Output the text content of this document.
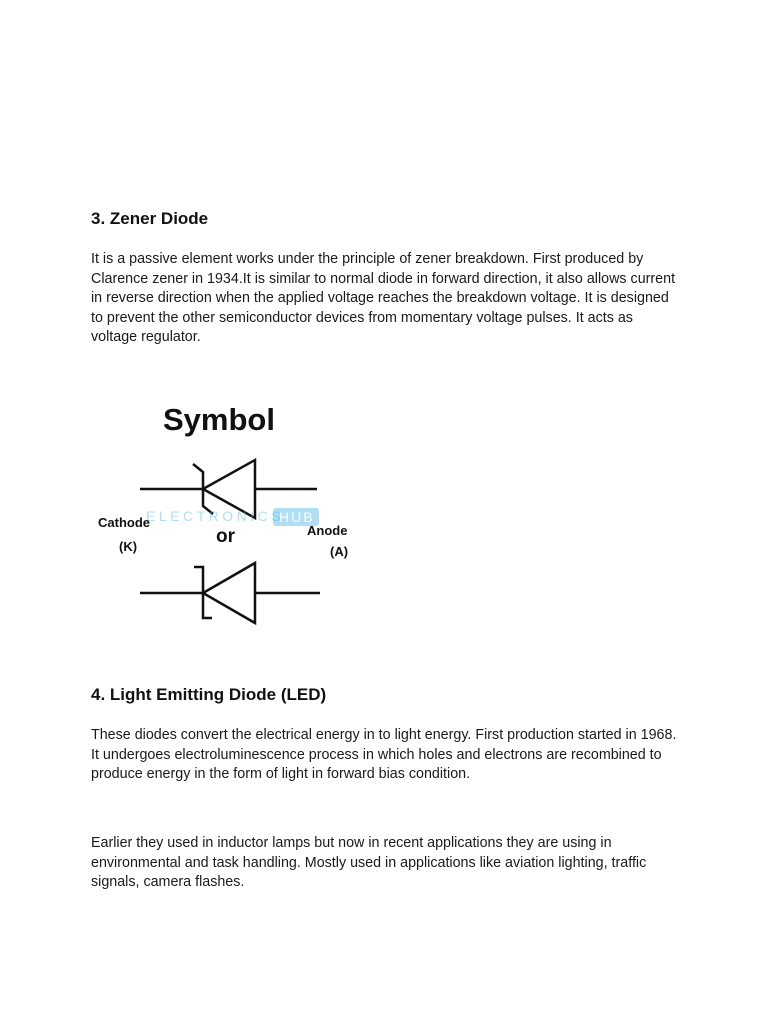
3. Zener Diode

It is a passive element works under the principle of zener breakdown. First produced by Clarence zener in 1934.It is similar to normal diode in forward direction, it also allows current in reverse direction when the applied voltage reaches the breakdown voltage. It is designed to prevent the other semiconductor devices from momentary voltage pulses. It acts as voltage regulator.

Symbol
ELECTRONICS
HUB
Cathode
(K)	or	Anode
(A)
4. Light Emitting Diode (LED)

These diodes convert the electrical energy in to light energy. First production started in 1968. It undergoes electroluminescence process in which holes and electrons are recombined to produce energy in the form of light in forward bias condition.

Earlier they used in inductor lamps but now in recent applications they are using in environmental and task handling. Mostly used in applications like aviation lighting, traffic signals, camera flashes.
